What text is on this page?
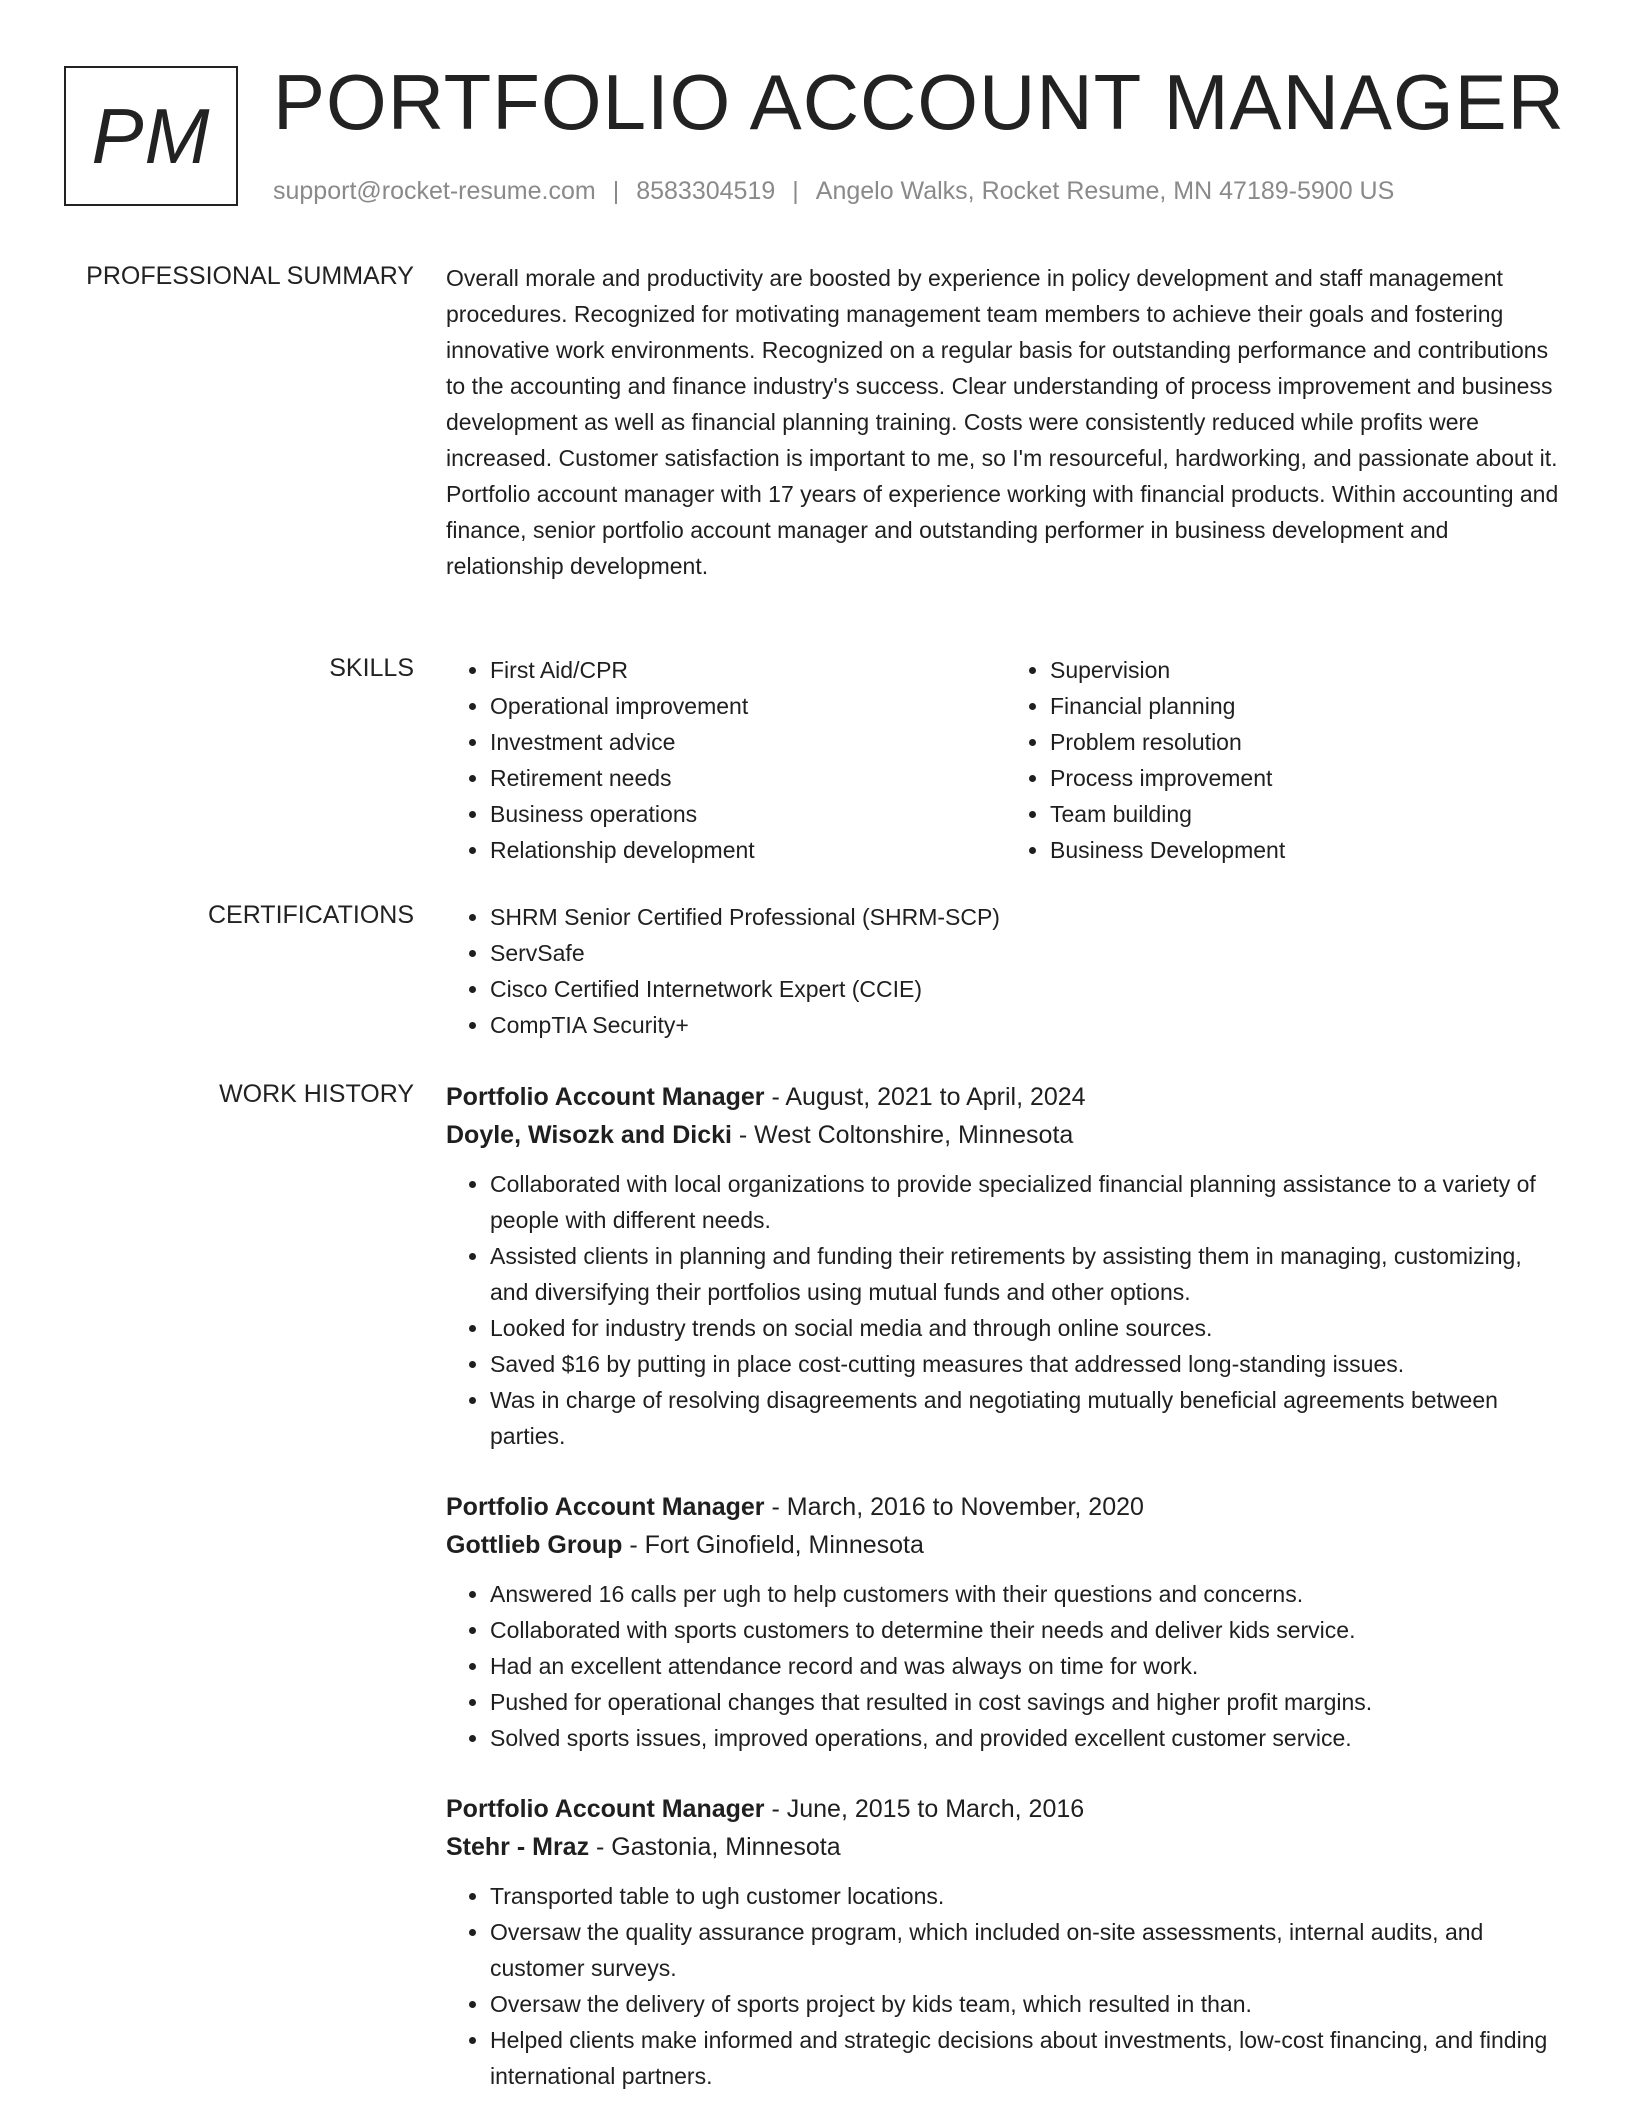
PM PORTFOLIO ACCOUNT MANAGER
support@rocket-resume.com | 8583304519 | Angelo Walks, Rocket Resume, MN 47189-5900 US
PROFESSIONAL SUMMARY Overall morale and productivity are boosted by experience in policy development and staff management procedures. Recognized for motivating management team members to achieve their goals and fostering innovative work environments. Recognized on a regular basis for outstanding performance and contributions to the accounting and finance industry's success. Clear understanding of process improvement and business development as well as financial planning training. Costs were consistently reduced while profits were increased. Customer satisfaction is important to me, so I'm resourceful, hardworking, and passionate about it. Portfolio account manager with 17 years of experience working with financial products. Within accounting and finance, senior portfolio account manager and outstanding performer in business development and relationship development.

SKILLS	• First Aid/CPR
• Operational improvement
• Investment advice
• Retirement needs
• Business operations
• Relationship development
• Supervision
• Financial planning
• Problem resolution
• Process improvement
• Team building
• Business Development
CERTIFICATIONS	• SHRM Senior Certified Professional (SHRM-SCP)
• ServSafe
• Cisco Certified Internetwork Expert (CCIE)
• CompTIA Security+
WORK HISTORY Portfolio Account Manager - August, 2021 to April, 2024
Doyle, Wisozk and Dicki - West Coltonshire, Minnesota
• Collaborated with local organizations to provide specialized financial planning assistance to a variety of people with different needs.
• Assisted clients in planning and funding their retirements by assisting them in managing, customizing, and diversifying their portfolios using mutual funds and other options.
• Looked for industry trends on social media and through online sources.
• Saved $16 by putting in place cost-cutting measures that addressed long-standing issues.
• Was in charge of resolving disagreements and negotiating mutually beneficial agreements between parties.
Portfolio Account Manager - March, 2016 to November, 2020
Gottlieb Group - Fort Ginofield, Minnesota
• Answered 16 calls per ugh to help customers with their questions and concerns.
• Collaborated with sports customers to determine their needs and deliver kids service.
• Had an excellent attendance record and was always on time for work.
• Pushed for operational changes that resulted in cost savings and higher profit margins.
• Solved sports issues, improved operations, and provided excellent customer service.
Portfolio Account Manager - June, 2015 to March, 2016
Stehr - Mraz - Gastonia, Minnesota
• Transported table to ugh customer locations.
• Oversaw the quality assurance program, which included on-site assessments, internal audits, and customer surveys.
• Oversaw the delivery of sports project by kids team, which resulted in than.
• Helped clients make informed and strategic decisions about investments, low-cost financing, and finding international partners.
